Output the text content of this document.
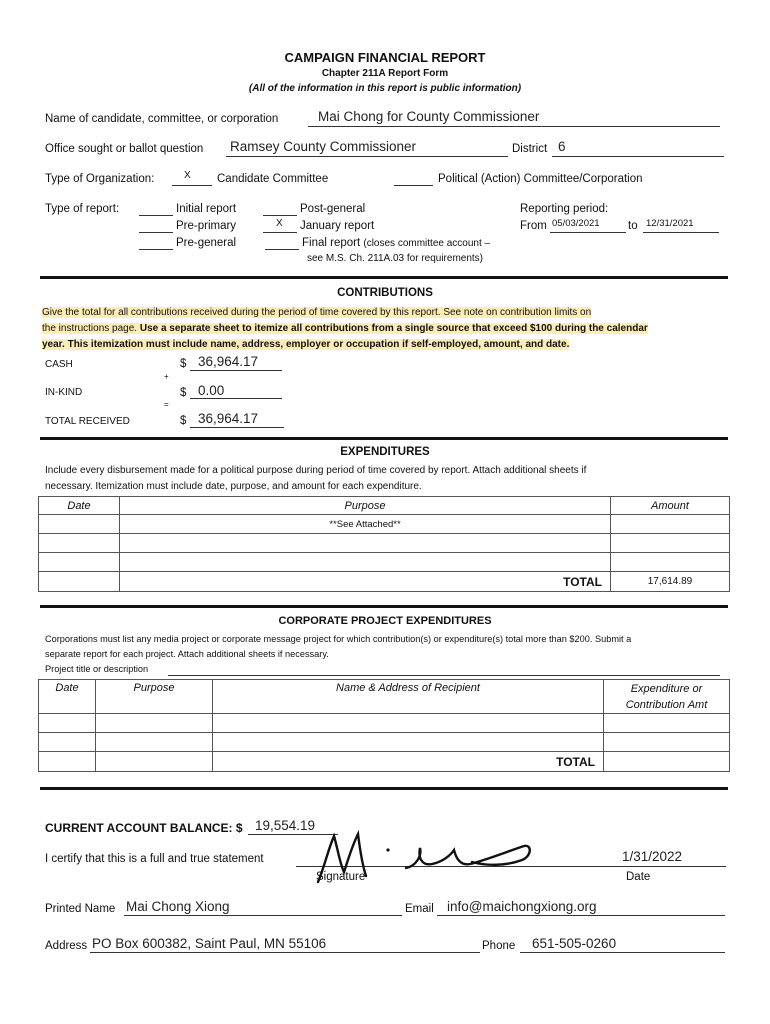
CAMPAIGN FINANCIAL REPORT
Chapter 211A Report Form
(All of the information in this report is public information)
Name of candidate, committee, or corporation	Mai Chong for County Commissioner
Office sought or ballot question Ramsey County Commissioner	District 6
Type of Organization:	X Candidate Committee	Political (Action) Committee/Corporation
Type of report:	Initial report
Pre-primary
Pre-general
Post-general
X January report
Final report (closes committee account –
see M.S. Ch. 211A.03 for requirements)
Reporting period:
From 05/03/2021 to 12/31/2021
CONTRIBUTIONS
Give the total for all contributions received during the period of time covered by this report. See note on contribution limits on
the instructions page. Use a separate sheet to itemize all contributions from a single source that exceed $100 during the calendar
year. This itemization must include name, address, employer or occupation if self-employed, amount, and date.
CASH	$ 36,964.17
+
IN-KIND	$ 0.00
=
TOTAL RECEIVED	$ 36,964.17
EXPENDITURES
Include every disbursement made for a political purpose during period of time covered by report. Attach additional sheets if
necessary. Itemization must include date, purpose, and amount for each expenditure.
Date	Purpose	Amount
	**See Attached**	

	TOTAL	17,614.89
CORPORATE PROJECT EXPENDITURES
Corporations must list any media project or corporate message project for which contribution(s) or expenditure(s) total more than $200. Submit a
separate report for each project. Attach additional sheets if necessary.
Project title or description
Date	Purpose	Name & Address of Recipient	Expenditure or
Contribution Amt

		TOTAL	
CURRENT ACCOUNT BALANCE: $ 19,554.19
I certify that this is a full and true statement
Signature
1/31/2022
Date
Printed Name Mai Chong Xiong	Email info@maichongxiong.org
Address PO Box 600382, Saint Paul, MN 55106	Phone 651-505-0260
